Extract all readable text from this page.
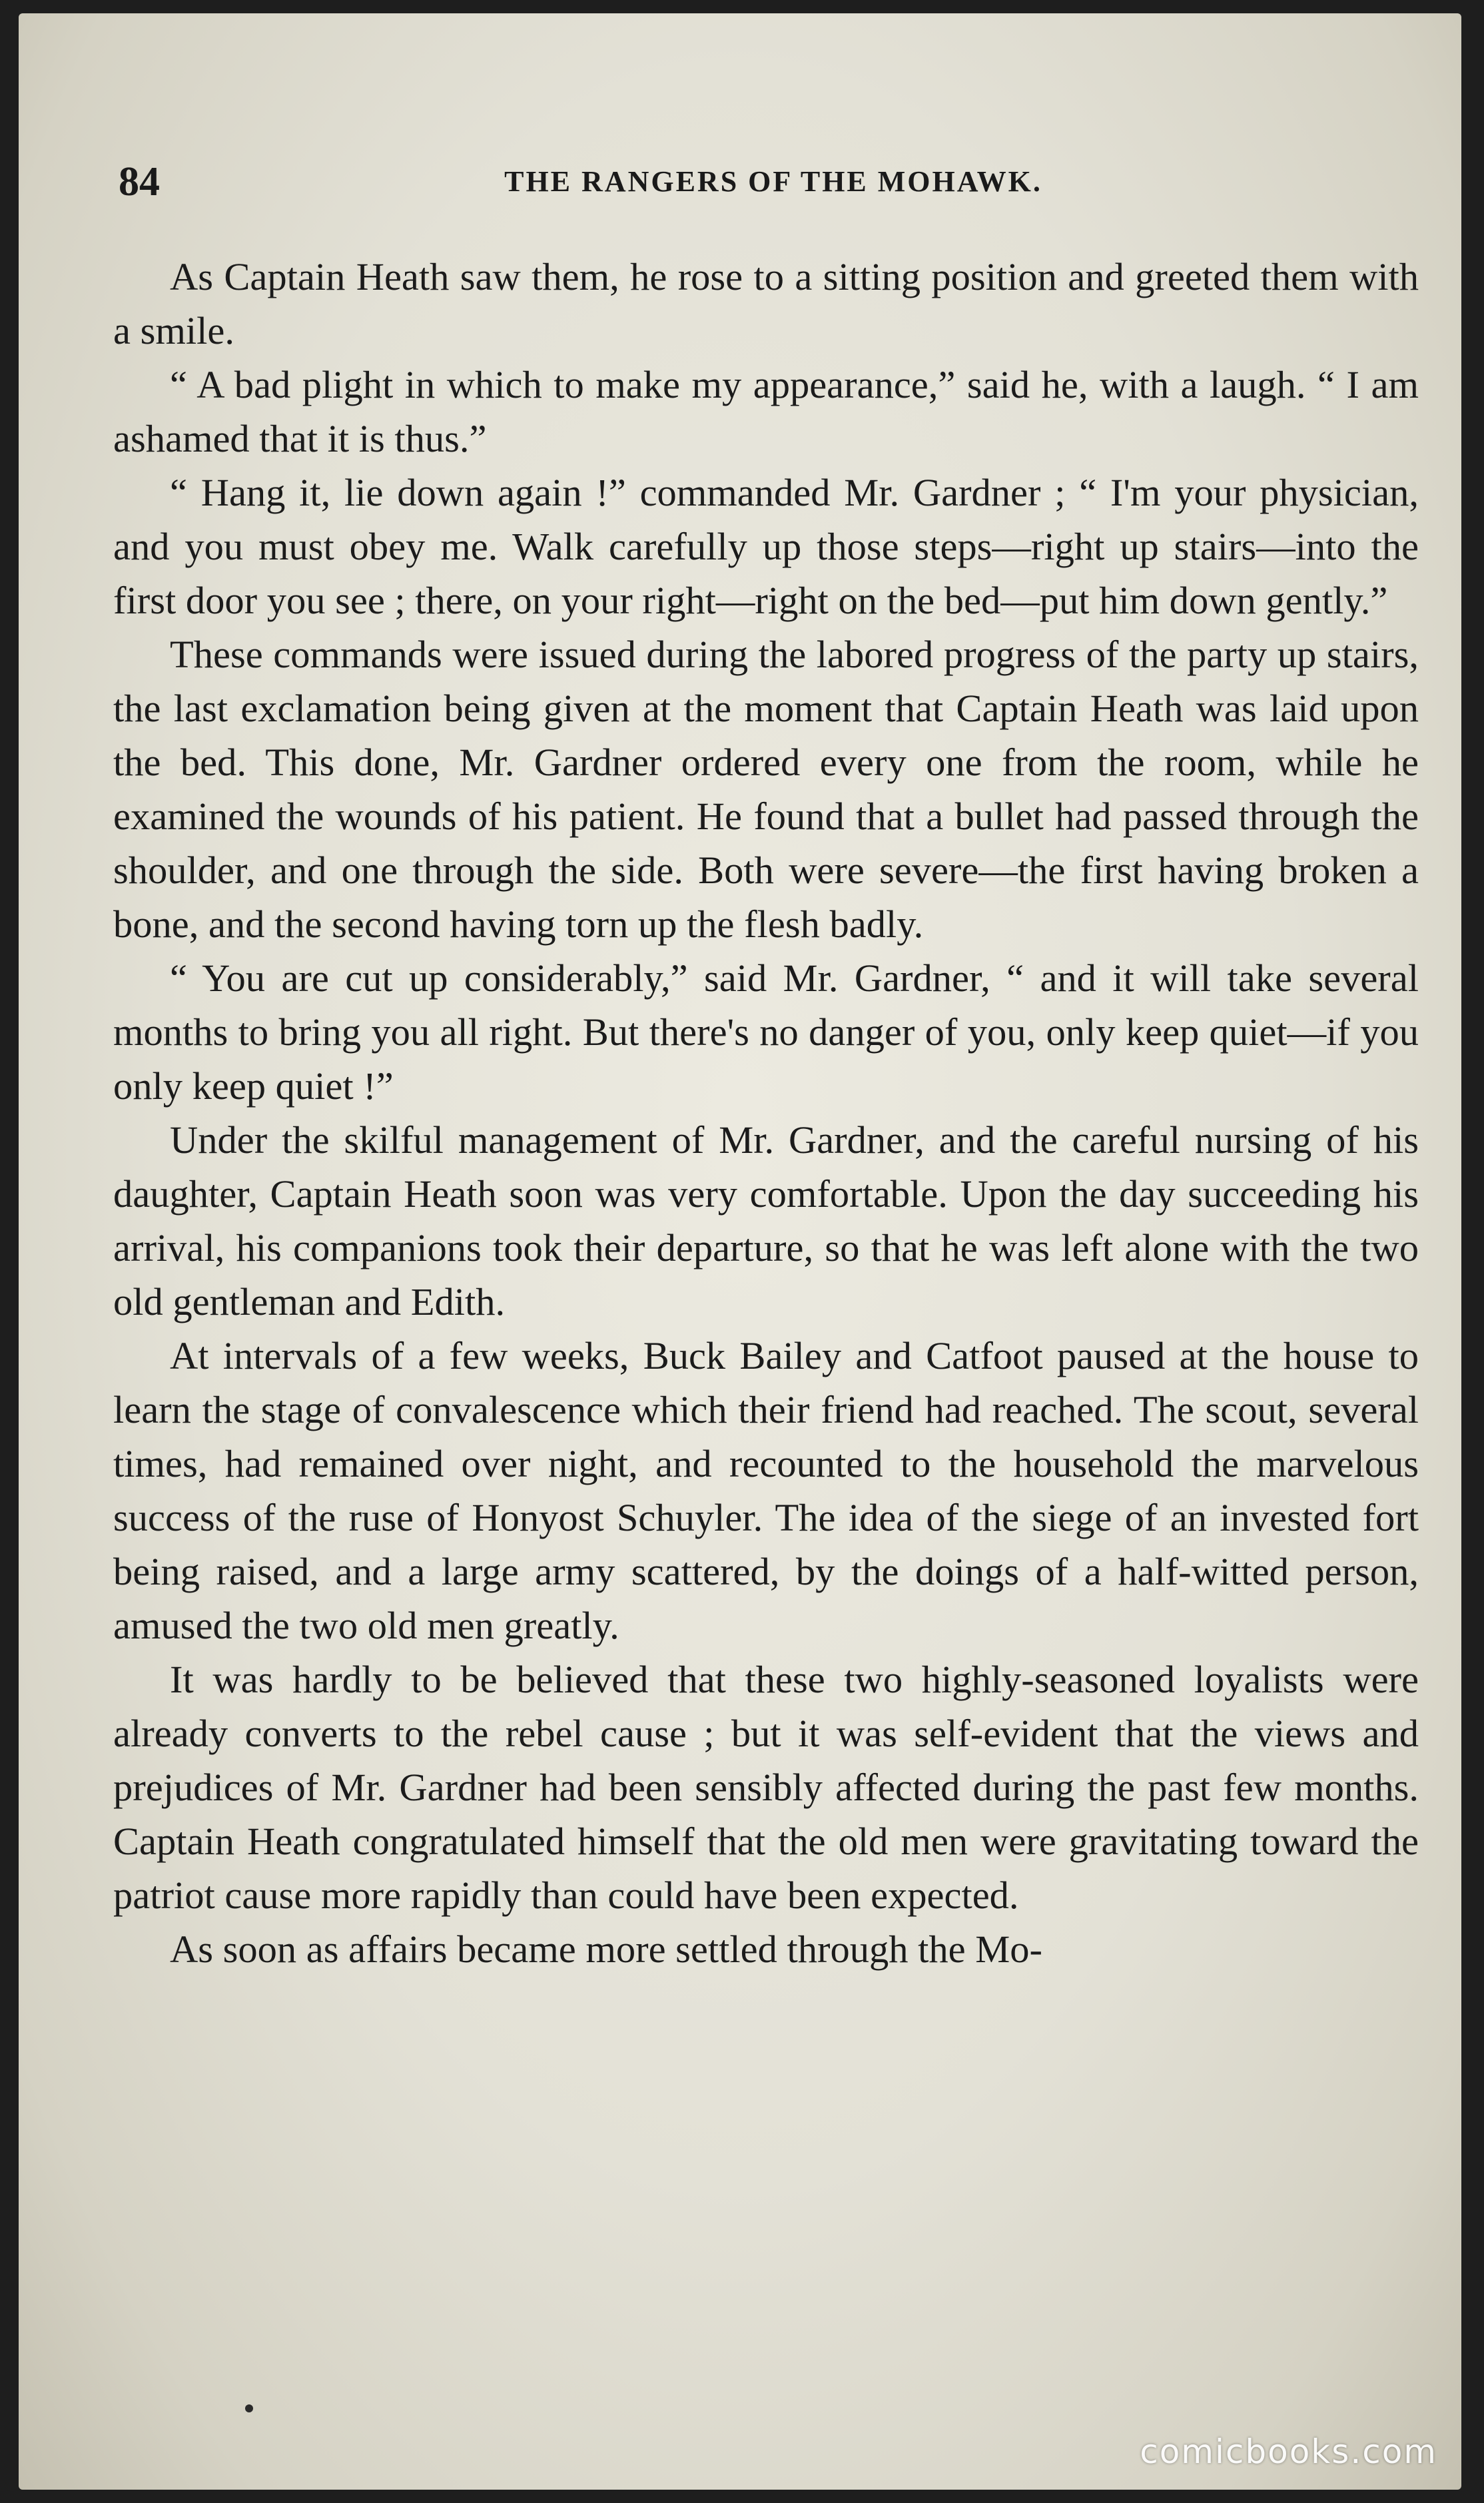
84	THE RANGERS OF THE MOHAWK.

As Captain Heath saw them, he rose to a sitting position and greeted them with a smile.

“ A bad plight in which to make my appearance,” said he, with a laugh. “ I am ashamed that it is thus.”

“ Hang it, lie down again !” commanded Mr. Gardner ; “ I'm your physician, and you must obey me. Walk carefully up those steps—right up stairs—into the first door you see ; there, on your right—right on the bed—put him down gently.”

These commands were issued during the labored progress of the party up stairs, the last exclamation being given at the moment that Captain Heath was laid upon the bed. This done, Mr. Gardner ordered every one from the room, while he examined the wounds of his patient. He found that a bullet had passed through the shoulder, and one through the side. Both were severe—the first having broken a bone, and the second having torn up the flesh badly.

“ You are cut up considerably,” said Mr. Gardner, “ and it will take several months to bring you all right. But there's no danger of you, only keep quiet—if you only keep quiet !”

Under the skilful management of Mr. Gardner, and the careful nursing of his daughter, Captain Heath soon was very comfortable. Upon the day succeeding his arrival, his companions took their departure, so that he was left alone with the two old gentleman and Edith.

At intervals of a few weeks, Buck Bailey and Catfoot paused at the house to learn the stage of convalescence which their friend had reached. The scout, several times, had remained over night, and recounted to the household the marvelous success of the ruse of Honyost Schuyler. The idea of the siege of an invested fort being raised, and a large army scattered, by the doings of a half-witted person, amused the two old men greatly.

It was hardly to be believed that these two highly-seasoned loyalists were already converts to the rebel cause ; but it was self-evident that the views and prejudices of Mr. Gardner had been sensibly affected during the past few months. Captain Heath congratulated himself that the old men were gravitating toward the patriot cause more rapidly than could have been expected.

As soon as affairs became more settled through the Mo-

comicbooks.com
